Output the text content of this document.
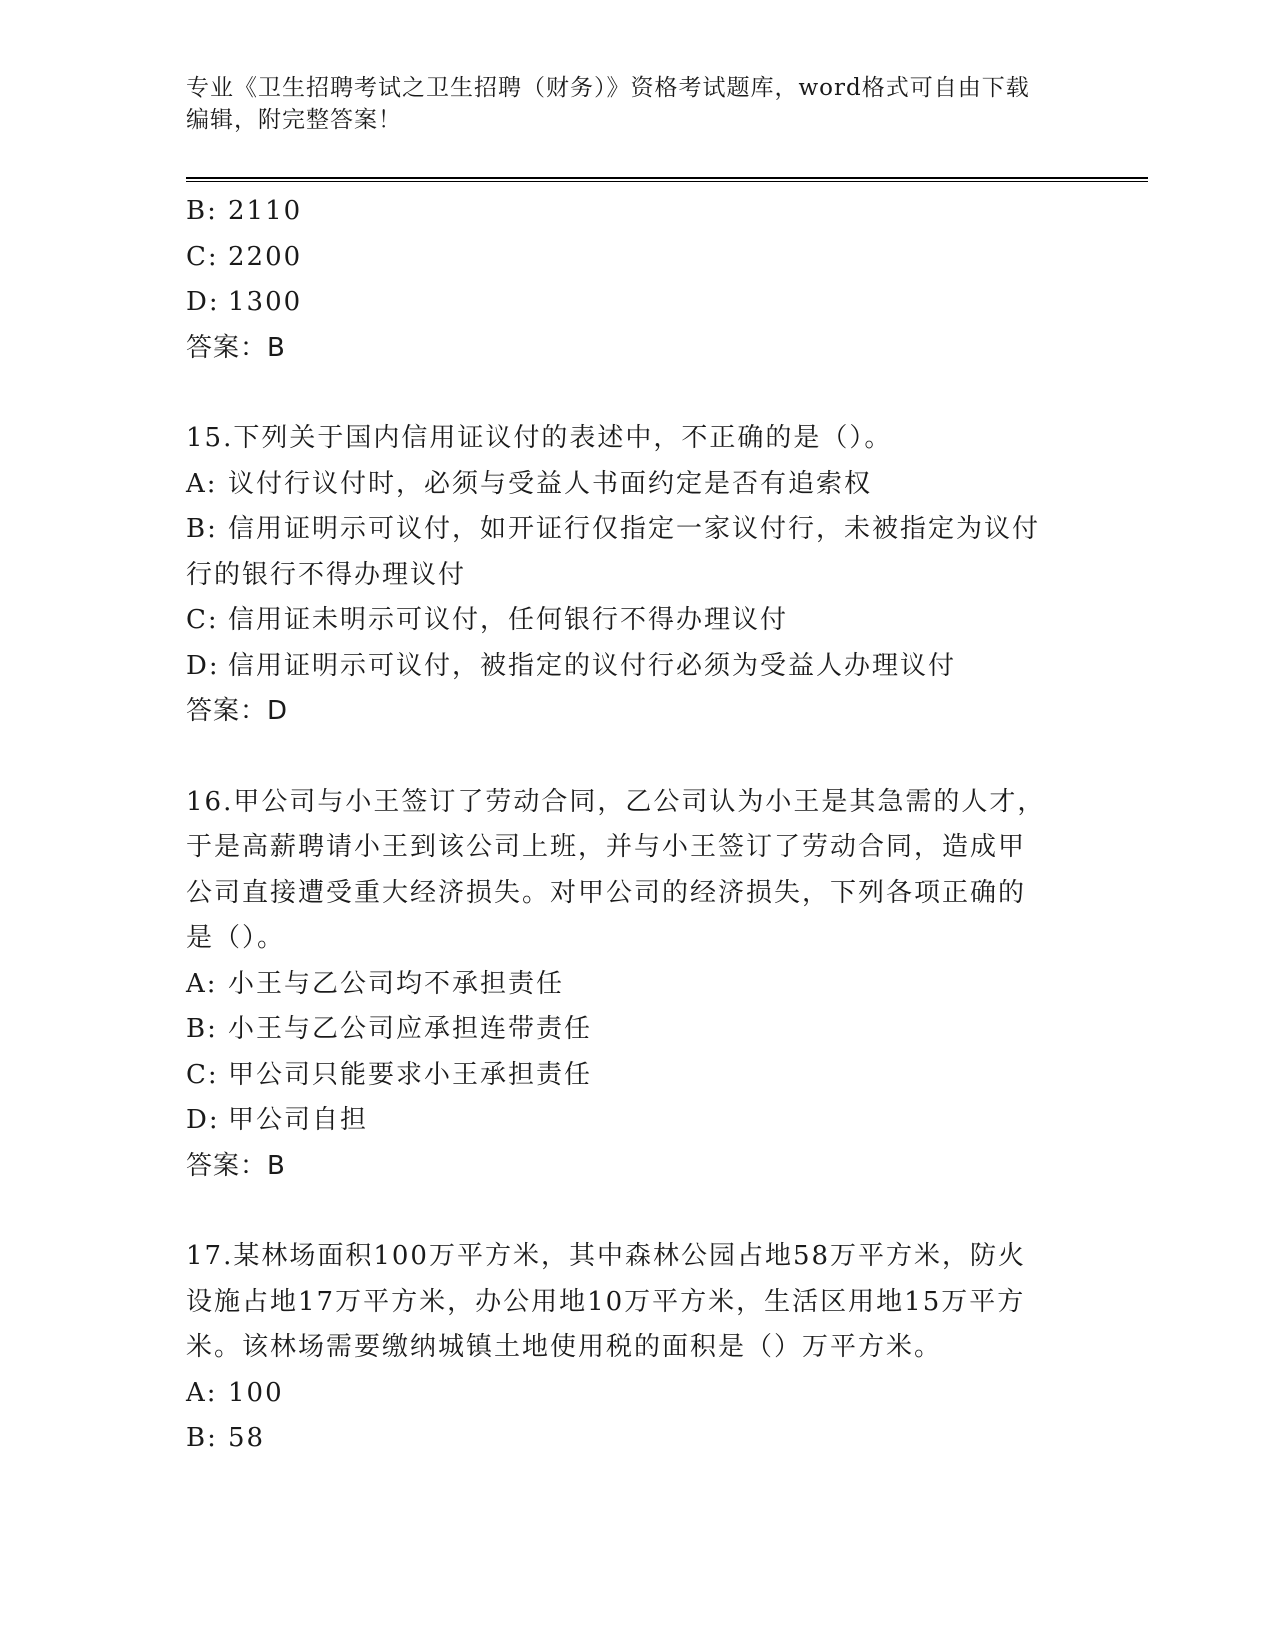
专业《卫生招聘考试之卫生招聘（财务）》资格考试题库，word格式可自由下载
编辑，附完整答案！
B: 2110
C: 2200
D: 1300
答案：B
15.下列关于国内信用证议付的表述中，不正确的是（）。
A: 议付行议付时，必须与受益人书面约定是否有追索权
B: 信用证明示可议付，如开证行仅指定一家议付行，未被指定为议付
行的银行不得办理议付
C: 信用证未明示可议付，任何银行不得办理议付
D: 信用证明示可议付，被指定的议付行必须为受益人办理议付
答案：D
16.甲公司与小王签订了劳动合同，乙公司认为小王是其急需的人才，
于是高薪聘请小王到该公司上班，并与小王签订了劳动合同，造成甲
公司直接遭受重大经济损失。对甲公司的经济损失，下列各项正确的
是（）。
A: 小王与乙公司均不承担责任
B: 小王与乙公司应承担连带责任
C: 甲公司只能要求小王承担责任
D: 甲公司自担
答案：B
17.某林场面积100万平方米，其中森林公园占地58万平方米，防火
设施占地17万平方米，办公用地10万平方米，生活区用地15万平方
米。该林场需要缴纳城镇土地使用税的面积是（）万平方米。
A: 100
B: 58
